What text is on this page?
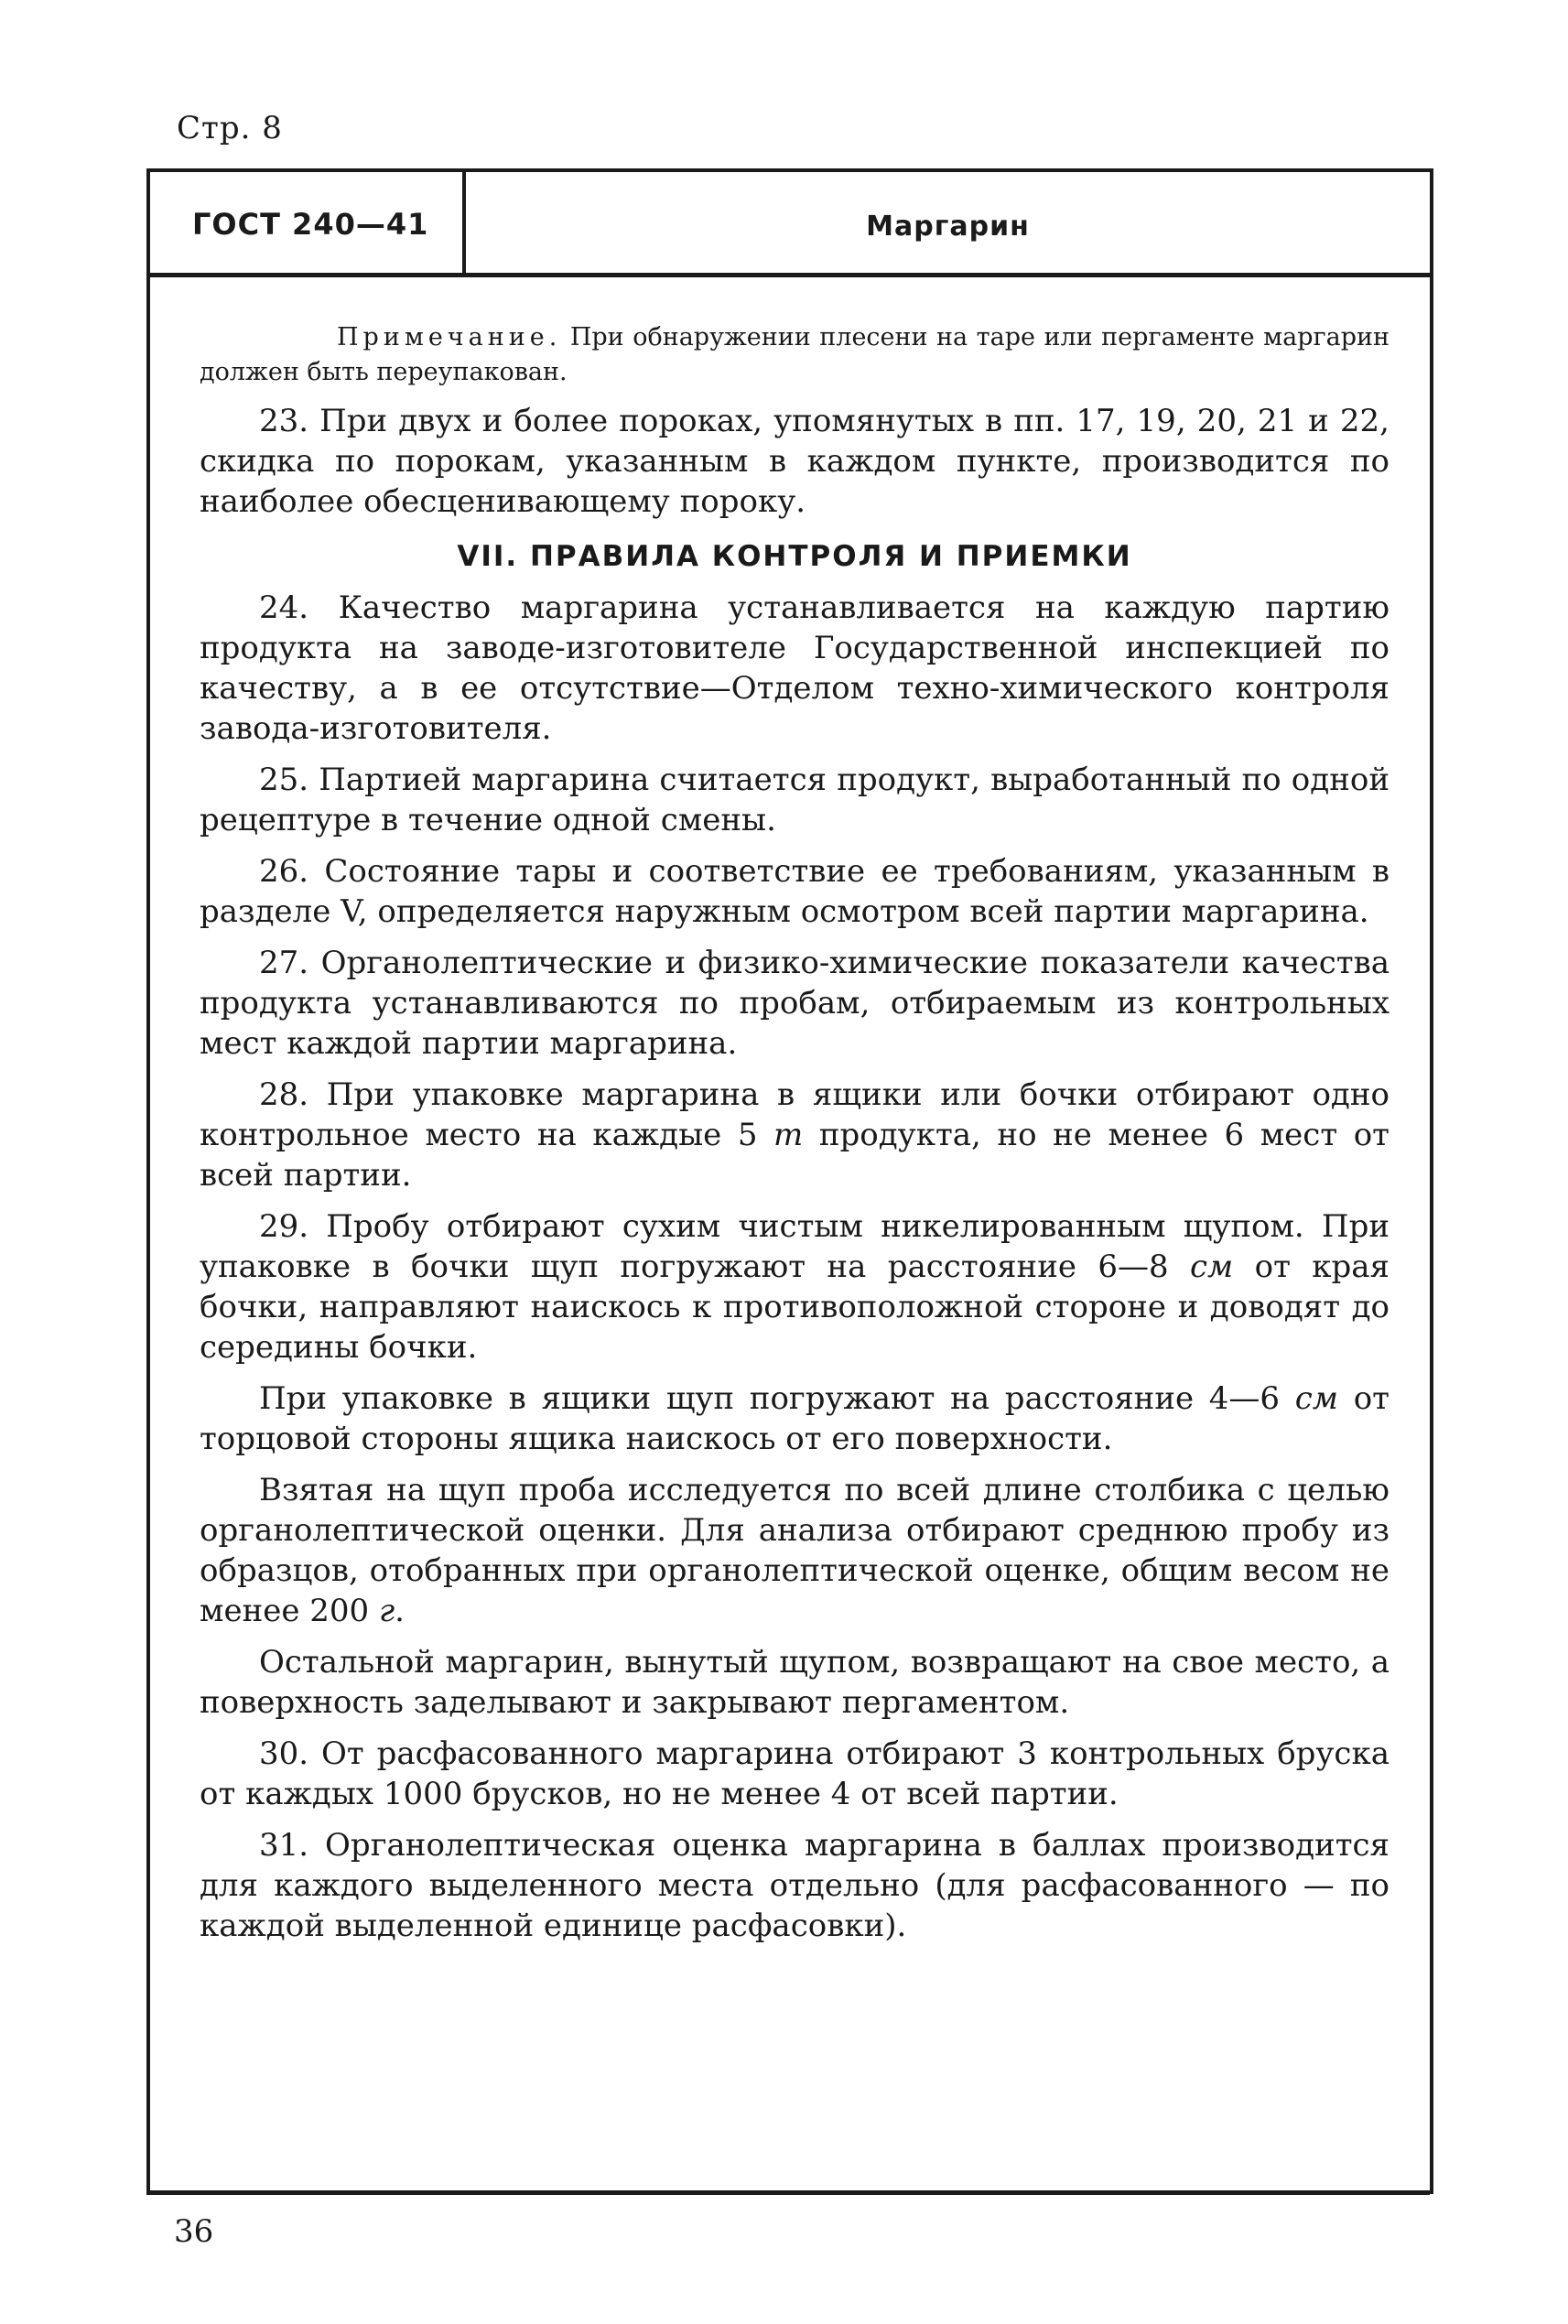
Стр. 8
ГОСТ 240—41	Маргарин
Примечание. При обнаружении плесени на таре или пергаменте маргарин должен быть переупакован.

23. При двух и более пороках, упомянутых в пп. 17, 19, 20, 21 и 22, скидка по порокам, указанным в каждом пункте, производится по наиболее обесценивающему пороку.

VII. ПРАВИЛА КОНТРОЛЯ И ПРИЕМКИ

24. Качество маргарина устанавливается на каждую партию продукта на заводе-изготовителе Государственной инспекцией по качеству, а в ее отсутствие—Отделом техно-химического контроля завода-изготовителя.

25. Партией маргарина считается продукт, выработанный по одной рецептуре в течение одной смены.

26. Состояние тары и соответствие ее требованиям, указанным в разделе V, определяется наружным осмотром всей партии маргарина.

27. Органолептические и физико-химические показатели качества продукта устанавливаются по пробам, отбираемым из контрольных мест каждой партии маргарина.

28. При упаковке маргарина в ящики или бочки отбирают одно контрольное место на каждые 5 т продукта, но не менее 6 мест от всей партии.

29. Пробу отбирают сухим чистым никелированным щупом. При упаковке в бочки щуп погружают на расстояние 6—8 см от края бочки, направляют наискось к противоположной стороне и доводят до середины бочки.

При упаковке в ящики щуп погружают на расстояние 4—6 см от торцовой стороны ящика наискось от его поверхности.

Взятая на щуп проба исследуется по всей длине столбика с целью органолептической оценки. Для анализа отбирают среднюю пробу из образцов, отобранных при органолептической оценке, общим весом не менее 200 г.

Остальной маргарин, вынутый щупом, возвращают на свое место, а поверхность заделывают и закрывают пергаментом.

30. От расфасованного маргарина отбирают 3 контрольных бруска от каждых 1000 брусков, но не менее 4 от всей партии.

31. Органолептическая оценка маргарина в баллах производится для каждого выделенного места отдельно (для расфасованного — по каждой выделенной единице расфасовки).

36
